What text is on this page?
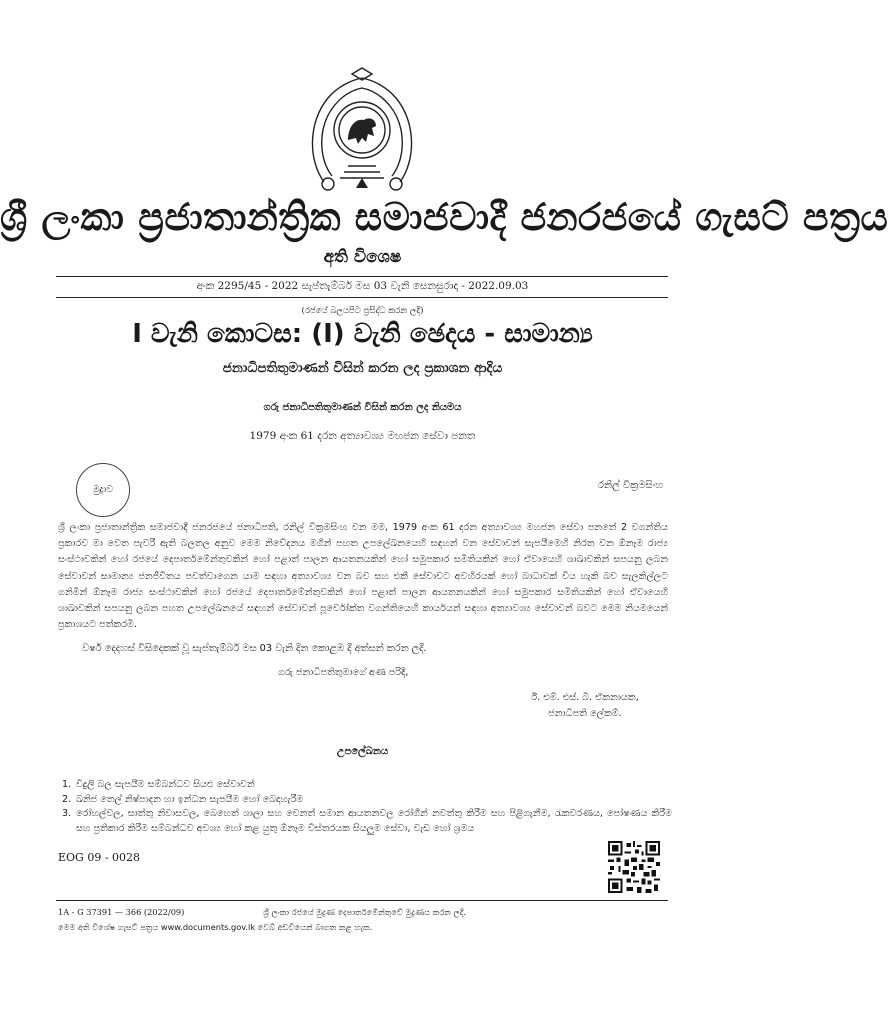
ශ්‍රී ලංකා ප්‍රජාතාන්ත්‍රික සමාජවාදී ජනරජයේ ගැසට් පත්‍රය
අති විශෙෂ
අංක 2295/45 - 2022 සැප්තැම්බර් මස 03 වැනි සෙනසුරාදා - 2022.09.03
(රජයේ බලයපිට ප්‍රසිද්ධ කරන ලදි)
I වැනි කොටස: (I) වැනි ඡෙදය - සාමාන්‍ය
ජනාධිපතිතුමාණන් විසින් කරන ලද ප්‍රකාශන ආදිය
ගරු ජනාධිපතිතුමාණන් විසින් කරන ලද නියමය
1979 අංක 61 දරන අත්‍යාවශ්‍ය මහජන සේවා පනත
මුද්‍රාව	රනිල් වික්‍රමසිංහ

ශ්‍රී ලංකා ප්‍රජාතාන්ත්‍රික සමාජවාදී ජනරජයේ ජනාධිපති, රනිල් වික්‍රමසිංහ වන මම, 1979 අංක 61 දරන අත්‍යාවශ්‍ය මහජන සේවා පනතේ 2 වගන්තිය ප්‍රකාරව මා වෙත පැවරී ඇති බලතල අනුව මෙම නිවේදනය මගින් පහත උපලේඛනයෙහි සඳහන් වන සේවාවන් සැපයීමෙහි නිරත වන ඕනෑම රාජ්‍ය සංස්ථාවකින් හෝ රජයේ දෙපාර්තමේන්තුවකින් හෝ පළාත් පාලන ආයතනයකින් හෝ සමුපකාර සමිතියකින් හෝ ඒවායෙහි ශාඛාවකින් සපයනු ලබන සේවාවන් සාමාන්‍ය ජනජීවිතය පවත්වාගෙන යාම සඳහා අත්‍යාවශ්‍ය වන බව සහ එකී සේවාවට අවහිරයක් හෝ බාධාවක් විය හැකි බව සැලකිල්ලට ගනිමින් ඕනෑම රාජ්‍ය සංස්ථාවකින් හෝ රජයේ දෙපාර්තමේන්තුවකින් හෝ පළාත් පාලන ආයතනයකින් හෝ සමුපකාර සමිතියකින් හෝ ඒවායෙහි ශාඛාවකින් සපයනු ලබන පහත උපලේඛනයේ සඳහන් සේවාවන් පූර්වෝක්ත වගන්තියෙහි කාර්යයන් සඳහා අත්‍යාවශ්‍ය සේවාවන් බවට මෙම නියමයෙන් ප්‍රකාශයට පත්කරමි.

වර්ෂ දෙදහස් විසිදෙකක් වූ සැප්තැම්බර් මස 03 වැනි දින කොළඹ දී අත්සන් කරන ලදී.
ගරු ජනාධිපතිතුමාගේ අණ පරිදි,
ඊ. එම්. එස්. බී. ඒකනායක,
ජනාධිපති ලේකම්.
උපලේඛනය
1. විදුලි බල සැපයීම සම්බන්ධව සියළු සේවාවන්
2. ඛනිජ තෙල් නිෂ්පාදන හා ඉන්ධන සැපයීම හෝ බෙදාහැරීම
3. රෝහල්වල, සාත්තු නිවාසවල, බෙහෙත් ශාලා සහ වෙනත් සමාන ආයතනවල රෝගීන් නවත්තු කිරීම සහ පිළිගැනීම, රැකවරණය, පෝෂණය කිරීම සහ ප්‍රතිකාර කිරීම සම්බන්ධව අවශ්‍ය හෝ කළ යුතු ඕනෑම විස්තරයක සියලුම සේවා, වැඩ හෝ ශ්‍රමය
EOG 09 - 0028
1A - G 37391 — 366 (2022/09)	ශ්‍රී ලංකා රජයේ මුද්‍රණ දෙපාර්තමේන්තුවේ මුද්‍රණය කරන ලදී.
මෙම අති විශේෂ ගැසට් පත්‍රය www.documents.gov.lk වෙබ් අඩවියෙන් බාගත කළ හැක.
